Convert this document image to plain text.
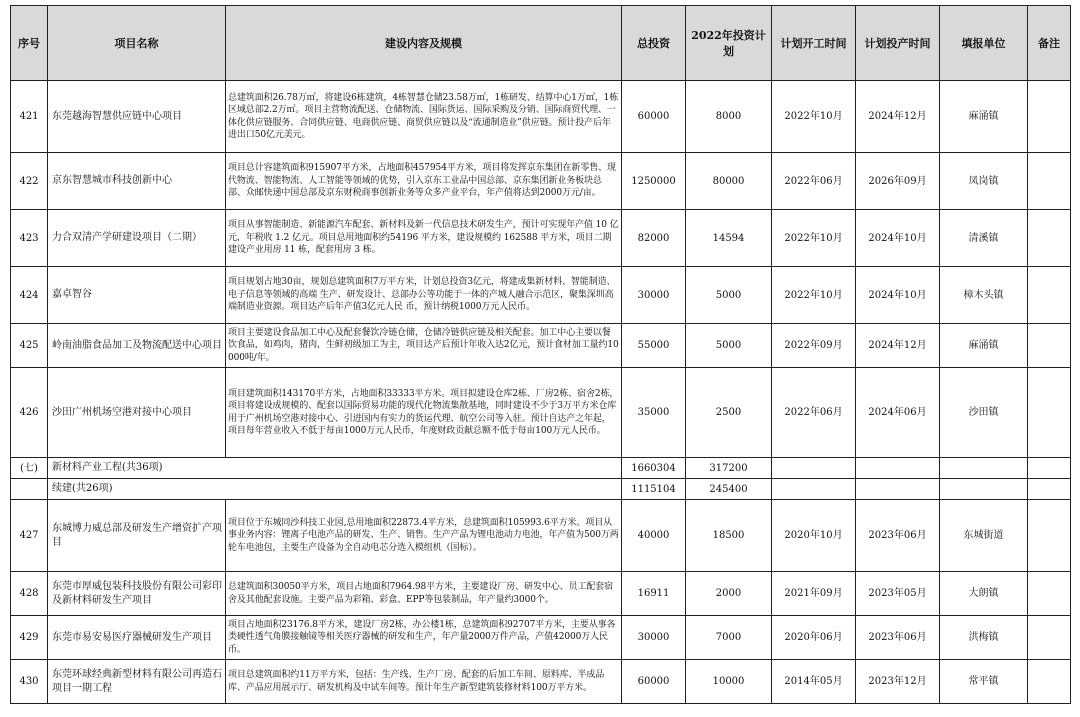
序号	项目名称	建设内容及规模	总投资	2022年投资计划	计划开工时间	计划投产时间	填报单位	备注
421	东莞越海智慧供应链中心项目	总建筑面积26.78万㎡，将建设6栋建筑，4栋智慧仓储23.58万㎡，1栋研发、结算中心1万㎡，1栋区域总部2.2万㎡。项目主营物流配送、仓储物流、国际货运、国际采购及分销、国际商贸代理、一体化供应链服务、合同供应链、电商供应链、商贸供应链以及“流通制造业”供应链。预计投产后年进出口50亿元美元。	60000	8000	2022年10月	2024年12月	麻涌镇	
422	京东智慧城市科技创新中心	项目总计容建筑面积915907平方米，占地面积457954平方米，项目将发挥京东集团在新零售、现代物流、智能物流、人工智能等领域的优势，引入京东工业品中国总部、京东集团新业务板块总部、众邮快递中国总部及京东财税商事创新业务等众多产业平台，年产值将达到2000万元/亩。	1250000	80000	2022年06月	2026年09月	凤岗镇	
423	力合双清产学研建设项目（二期）	项目从事智能制造、新能源汽车配套、新材料及新一代信息技术研发生产，预计可实现年产值 10 亿元，年税收 1.2 亿元。项目总用地面积约54196 平方米，建设规模约 162588 平方米，项目二期建设产业用房 11 栋，配套用房 3 栋。	82000	14594	2022年10月	2024年10月	清溪镇	
424	嘉卓智谷	项目规划占地30亩，规划总建筑面积7万平方米，计划总投资3亿元，将建成集新材料、智能制造、电子信息等领域的高端 生产、研发设计、总部办公等功能于一体的产城人融合示范区，聚集深圳高端制造业资源。项目达产后年产值3亿元人民 币，预计纳税1000万元人民币。	30000	5000	2022年10月	2024年10月	樟木头镇	
425	岭南油脂食品加工及物流配送中心项目	项目主要建设食品加工中心及配套餐饮冷链仓储，仓储冷链供应链及相关配套。加工中心主要以餐饮食品，如鸡肉，猪肉，生鲜初级加工为主，项目达产后预计年收入达2亿元，预计食材加工量约10000吨/年。	55000	5000	2022年09月	2024年12月	麻涌镇	
426	沙田广州机场空港对接中心项目	项目建筑面积143170平方米，占地面积33333平方米。项目拟建设仓库2栋、厂房2栋、宿舍2栋，项目将建设成规模的、配套以国际贸易功能的现代化物流集散基地，同时建设不少于3万平方米仓库用于广州机场空港对接中心、引进国内有实力的货运代理、航空公司等入驻。预计自达产之年起，项目每年营业收入不低于每亩1000万元人民币，年度财政贡献总额不低于每亩100万元人民币。	35000	2500	2022年06月	2024年06月	沙田镇	
(七)	新材料产业工程(共36项)		1660304	317200				
	续建(共26项)		1115104	245400				
427	东城博力威总部及研发生产增资扩产项目	项目位于东城同沙科技工业园,总用地面积22873.4平方米，总建筑面积105993.6平方米。项目从事业务内容：锂离子电池产品的研发、生产、销售。生产产品为锂电池动力电池，年产值为500万两轮车电池包，主要生产设备为全自动电芯分选入模组机（国标）。	40000	18500	2020年10月	2023年06月	东城街道	
428	东莞市厚威包装科技股份有限公司彩印及新材料研发生产项目	总建筑面积30050平方米，项目占地面积7964.98平方米，主要建设厂房、研发中心、员工配套宿舍及其他配套设施。主要产品为彩箱、彩盒、EPP等包装制品，年产量约3000个。	16911	2000	2021年09月	2023年05月	大朗镇	
429	东莞市易安易医疗器械研发生产项目	项目占地面积23176.8平方米，建设厂房2栋，办公楼1栋，总建筑面积92707平方米，主要从事各类硬性透气角膜接触镜等相关医疗器械的研发和生产，年产量2000万件产品，产值42000万人民币。	30000	7000	2020年06月	2023年06月	洪梅镇	
430	东莞环球经典新型材料有限公司再造石项目一期工程	项目总建筑面积约11万平方米，包括：生产线、生产厂房、配套的后加工车间、原料库、半成品库、产品应用展示厅、研发机构及中试车间等。预计年生产新型建筑装修材料100万平方米。	60000	10000	2014年05月	2023年12月	常平镇	
